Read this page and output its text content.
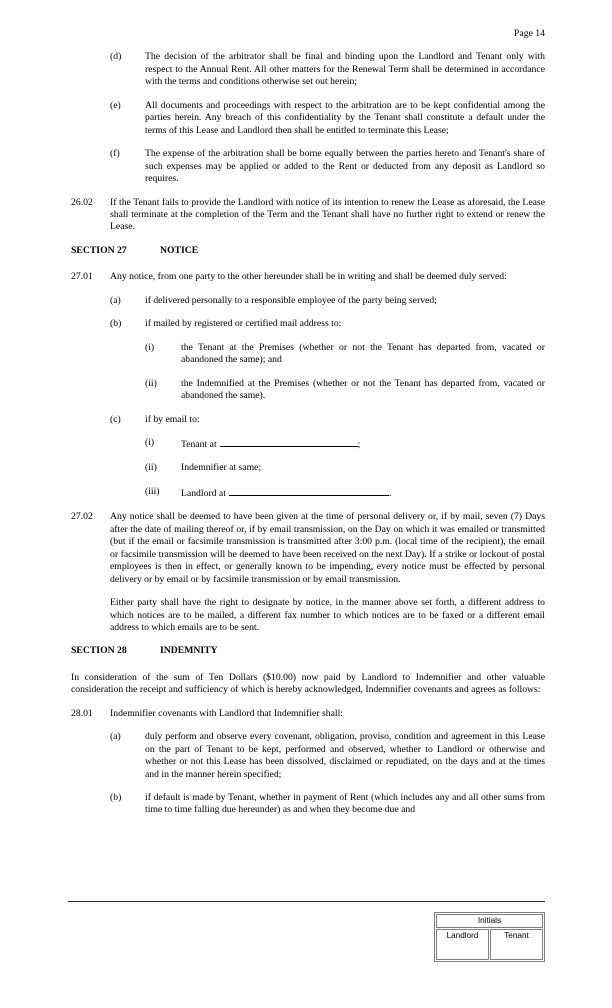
Page 14
(d)	The decision of the arbitrator shall be final and binding upon the Landlord and Tenant only with respect to the Annual Rent. All other matters for the Renewal Term shall be determined in accordance with the terms and conditions otherwise set out herein;
(e)	All documents and proceedings with respect to the arbitration are to be kept confidential among the parties herein. Any breach of this confidentiality by the Tenant shall constitute a default under the terms of this Lease and Landlord then shall be entitled to terminate this Lease;
(f)	The expense of the arbitration shall be borne equally between the parties hereto and Tenant's share of such expenses may be applied or added to the Rent or deducted from any deposit as Landlord so requires.
26.02	If the Tenant fails to provide the Landlord with notice of its intention to renew the Lease as aforesaid, the Lease shall terminate at the completion of the Term and the Tenant shall have no further right to extend or renew the Lease.
SECTION 27	NOTICE
27.01	Any notice, from one party to the other hereunder shall be in writing and shall be deemed duly served:
(a)	if delivered personally to a responsible employee of the party being served;
(b)	if mailed by registered or certified mail address to:
(i)	the Tenant at the Premises (whether or not the Tenant has departed from, vacated or abandoned the same); and
(ii)	the Indemnified at the Premises (whether or not the Tenant has departed from, vacated or abandoned the same).
(c)	if by email to:
(i)	Tenant at	;
(ii)	Indemnifier at same;
(iii)	Landlord at	.
27.02	Any notice shall be deemed to have been given at the time of personal delivery or, if by mail, seven (7) Days after the date of mailing thereof or, if by email transmission, on the Day on which it was emailed or transmitted (but if the email or facsimile transmission is transmitted after 3:00 p.m. (local time of the recipient), the email or facsimile transmission will be deemed to have been received on the next Day). If a strike or lockout of postal employees is then in effect, or generally known to be impending, every notice must be effected by personal delivery or by email or by facsimile transmission or by email transmission.
Either party shall have the right to designate by notice, in the manner above set forth, a different address to which notices are to be mailed, a different fax number to which notices are to be faxed or a different email address to which emails are to be sent.
SECTION 28	INDEMNITY
In consideration of the sum of Ten Dollars ($10.00) now paid by Landlord to Indemnifier and other valuable consideration the receipt and sufficiency of which is hereby acknowledged, Indemnifier covenants and agrees as follows:
28.01	Indemnifier covenants with Landlord that Indemnifier shall:
(a)	duly perform and observe every covenant, obligation, proviso, condition and agreement in this Lease on the part of Tenant to be kept, performed and observed, whether to Landlord or otherwise and whether or not this Lease has been dissolved, disclaimed or repudiated, on the days and at the times and in the manner herein specified;
(b)	if default is made by Tenant, whether in payment of Rent (which includes any and all other sums from time to time falling due hereunder) as and when they become due and
Initials
Landlord	Tenant
